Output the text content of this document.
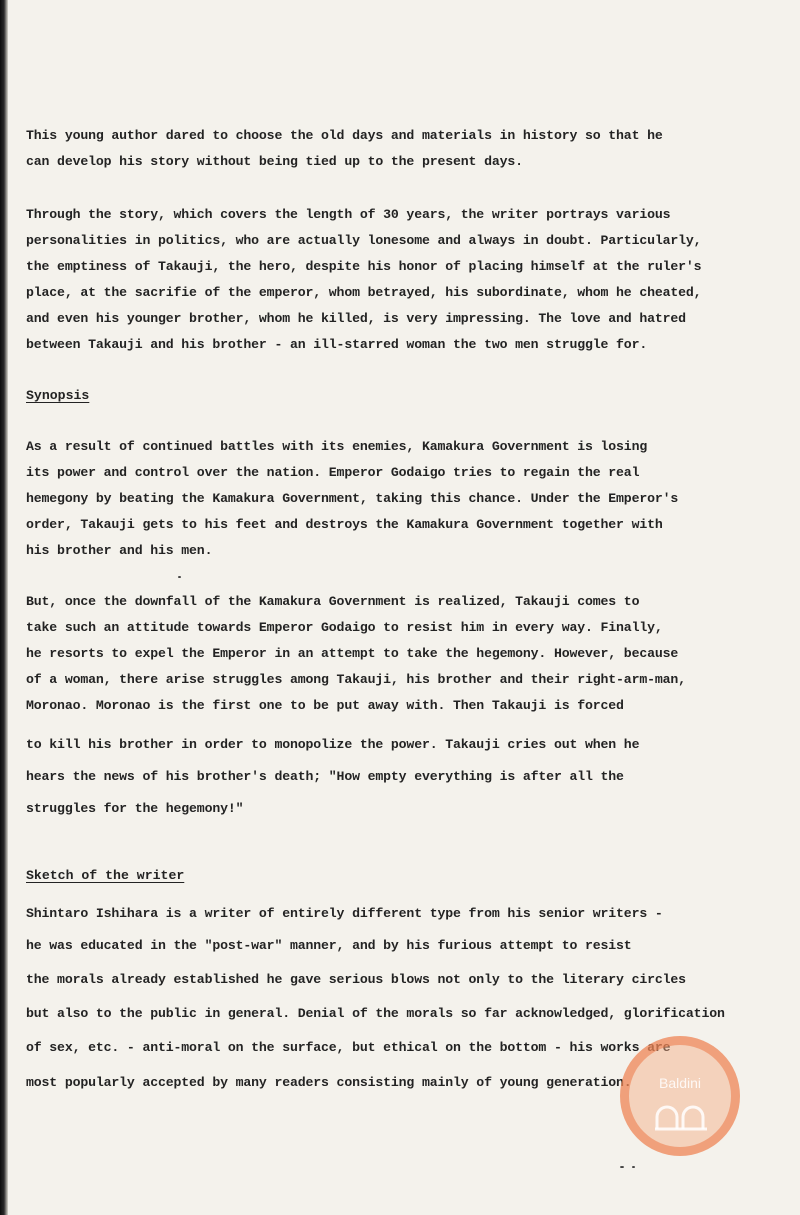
This young author dared to choose the old days and materials in history so that he
can develop his story without being tied up to the present days.
Through the story, which covers the length of 30 years, the writer portrays various
personalities in politics, who are actually lonesome and always in doubt. Particularly,
the emptiness of Takauji, the hero, despite his honor of placing himself at the ruler's
place, at the sacrifie of the emperor, whom betrayed, his subordinate, whom he cheated,
and even his younger brother, whom he killed, is very impressing. The love and hatred
between Takauji and his brother - an ill-starred woman the two men struggle for.
Synopsis
As a result of continued battles with its enemies, Kamakura Government is losing
its power and control over the nation. Emperor Godaigo tries to regain the real
hemegony by beating the Kamakura Government, taking this chance. Under the Emperor's
order, Takauji gets to his feet and destroys the Kamakura Government together with
his brother and his men.
But, once the downfall of the Kamakura Government is realized, Takauji comes to
take such an attitude towards Emperor Godaigo to resist him in every way. Finally,
he resorts to expel the Emperor in an attempt to take the hegemony. However, because
of a woman, there arise struggles among Takauji, his brother and their right-arm-man,
Moronao. Moronao is the first one to be put away with. Then Takauji is forced
to kill his brother in order to monopolize the power. Takauji cries out when he
hears the news of his brother's death; "How empty everything is after all the
struggles for the hegemony!"
Sketch of the writer
Shintaro Ishihara is a writer of entirely different type from his senior writers -
he was educated in the "post-war" manner, and by his furious attempt to resist
the morals already established he gave serious blows not only to the literary circles
but also to the public in general. Denial of the morals so far acknowledged, glorification
of sex, etc. - anti-moral on the surface, but ethical on the bottom - his works are
most popularly accepted by many readers consisting mainly of young generation.	Baldini
